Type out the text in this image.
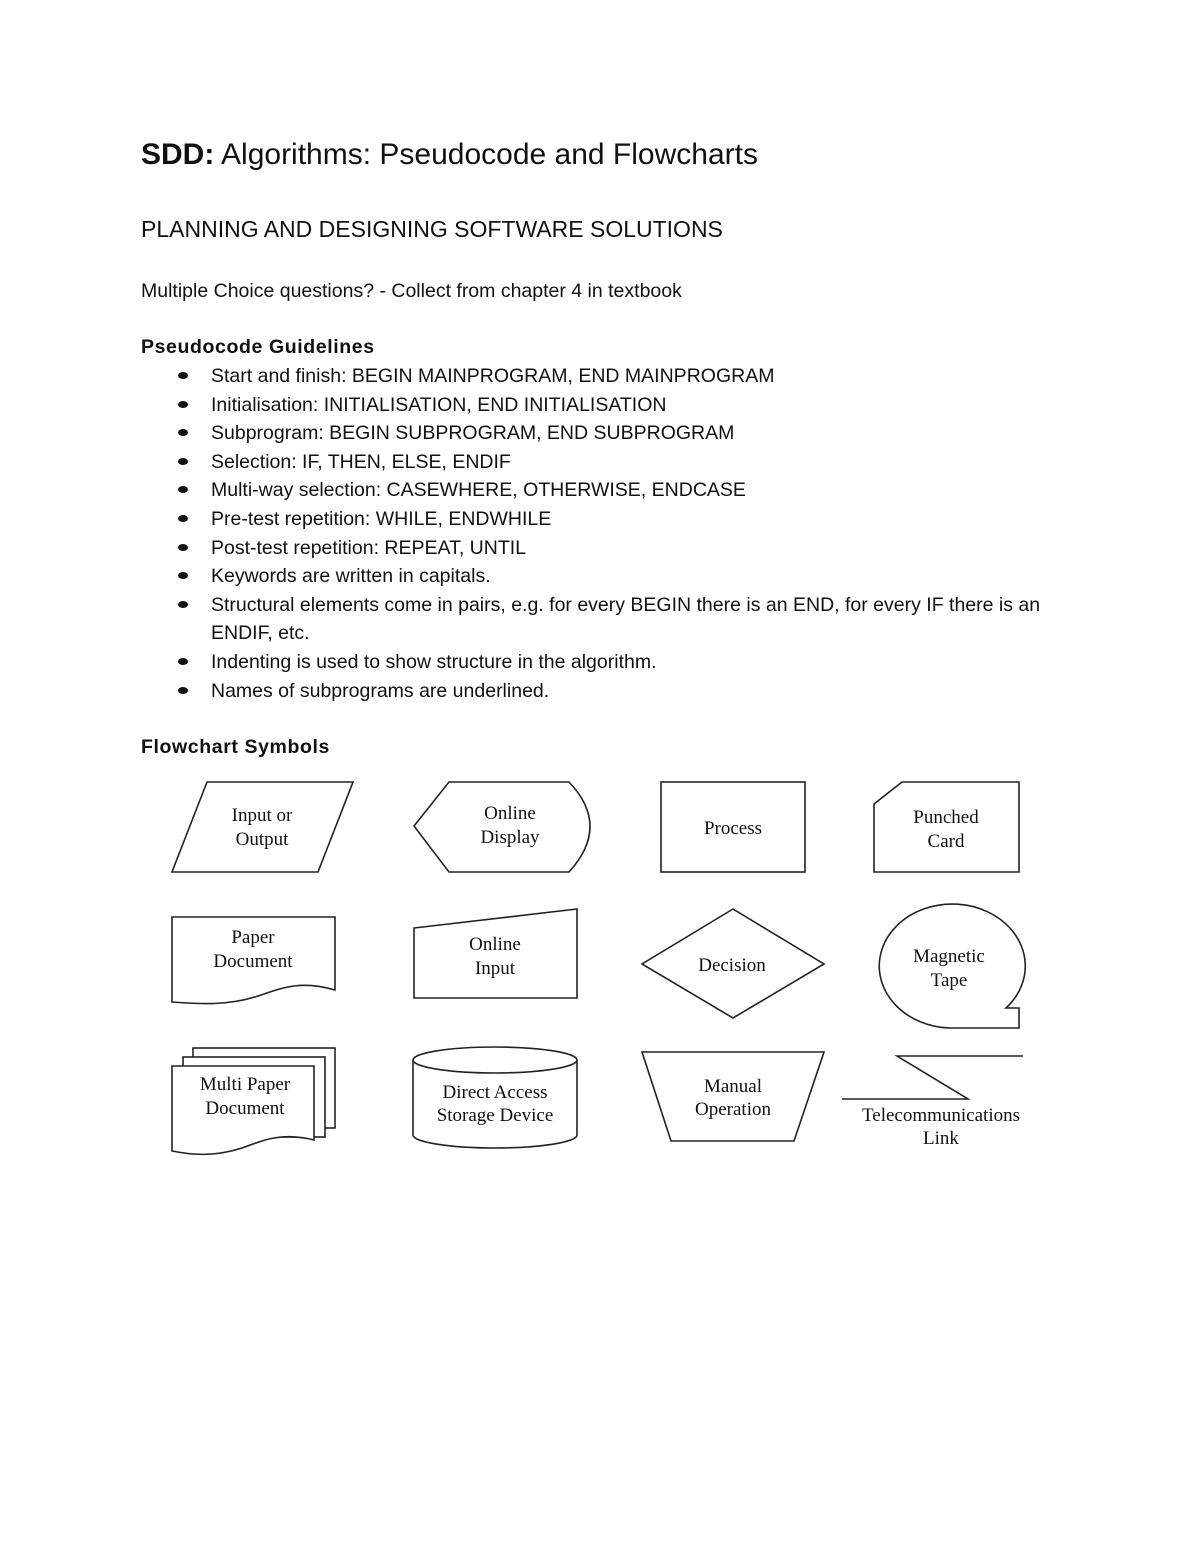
SDD: Algorithms: Pseudocode and Flowcharts
PLANNING AND DESIGNING SOFTWARE SOLUTIONS

Multiple Choice questions? - Collect from chapter 4 in textbook

Pseudocode Guidelines
Start and finish: BEGIN MAINPROGRAM, END MAINPROGRAM
Initialisation: INITIALISATION, END INITIALISATION
Subprogram: BEGIN SUBPROGRAM, END SUBPROGRAM
Selection: IF, THEN, ELSE, ENDIF
Multi-way selection: CASEWHERE, OTHERWISE, ENDCASE
Pre-test repetition: WHILE, ENDWHILE
Post-test repetition: REPEAT, UNTIL
Keywords are written in capitals.
Structural elements come in pairs, e.g. for every BEGIN there is an END, for every IF there is an ENDIF, etc.
Indenting is used to show structure in the algorithm.
Names of subprograms are underlined.
Flowchart Symbols
Input or
Output
Online
Display	Process
Punched
Card
Paper
Document
Online
Input	Decision	Magnetic
Tape
Multi Paper
Document
Direct Access
Storage Device
Manual
Operation	Telecommunications
Link
